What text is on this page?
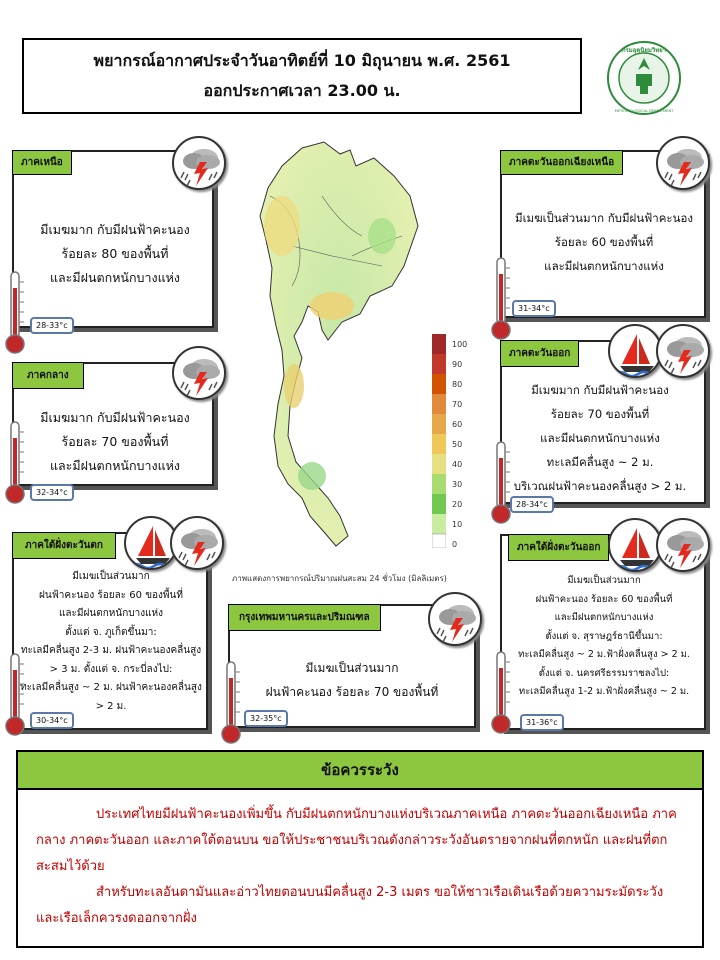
พยากรณ์อากาศประจำวันอาทิตย์ที่ 10 มิถุนายน พ.ศ. 2561
ออกประกาศเวลา 23.00 น.
กรมอุตุนิยมวิทยา
METEOROLOGICAL DEPARTMENT
ภาคเหนือ
มีเมฆมาก กับมีฝนฟ้าคะนอง
ร้อยละ 80 ของพื้นที่
และมีฝนตกหนักบางแห่ง
28-33°c
ภาคกลาง
มีเมฆมาก กับมีฝนฟ้าคะนอง
ร้อยละ 70 ของพื้นที่
และมีฝนตกหนักบางแห่ง
32-34°c
ภาคใต้ฝั่งตะวันตก
มีเมฆเป็นส่วนมาก
ฝนฟ้าคะนอง ร้อยละ 60 ของพื้นที่
และมีฝนตกหนักบางแห่ง
ตั้งแต่ จ. ภูเก็ตขึ้นมา:
ทะเลมีคลื่นสูง 2-3 ม. ฝนฟ้าคะนองคลื่นสูง
> 3 ม. ตั้งแต่ จ. กระบี่ลงไป:
ทะเลมีคลื่นสูง ~ 2 ม. ฝนฟ้าคะนองคลื่นสูง
> 2 ม.
30-34°c
ภาคตะวันออกเฉียงเหนือ
มีเมฆเป็นส่วนมาก กับมีฝนฟ้าคะนอง
ร้อยละ 60 ของพื้นที่
และมีฝนตกหนักบางแห่ง
31-34°c
ภาคตะวันออก
มีเมฆมาก กับมีฝนฟ้าคะนอง
ร้อยละ 70 ของพื้นที่
และมีฝนตกหนักบางแห่ง
ทะเลมีคลื่นสูง ~ 2 ม.
บริเวณฝนฟ้าคะนองคลื่นสูง > 2 ม.
28-34°c
ภาคใต้ฝั่งตะวันออก
มีเมฆเป็นส่วนมาก
ฝนฟ้าคะนอง ร้อยละ 60 ของพื้นที่
และมีฝนตกหนักบางแห่ง
ตั้งแต่ จ. สุราษฎร์ธานีขึ้นมา:
ทะเลมีคลื่นสูง ~ 2 ม.ฟ้าฝั่งคลื่นสูง > 2 ม.
ตั้งแต่ จ. นครศรีธรรมราชลงไป:
ทะเลมีคลื่นสูง 1-2 ม.ฟ้าฝั่งคลื่นสูง ~ 2 ม.
31-36°c
กรุงเทพมหานครและปริมณฑล
มีเมฆเป็นส่วนมาก
ฝนฟ้าคะนอง ร้อยละ 70 ของพื้นที่
32-35°c
100
90
80
70
60
50
40
30
20
10
0
ภาพแสดงการพยากรณ์ปริมาณฝนสะสม 24 ชั่วโมง (มิลลิเมตร)
ข้อควรระวัง

ประเทศไทยมีฝนฟ้าคะนองเพิ่มขึ้น กับมีฝนตกหนักบางแห่งบริเวณภาคเหนือ ภาคตะวันออกเฉียงเหนือ ภาคกลาง ภาคตะวันออก และภาคใต้ตอนบน ขอให้ประชาชนบริเวณดังกล่าวระวังอันตรายจากฝนที่ตกหนัก และฝนที่ตกสะสมไว้ด้วย

สำหรับทะเลอันดามันและอ่าวไทยตอนบนมีคลื่นสูง 2-3 เมตร ขอให้ชาวเรือเดินเรือด้วยความระมัดระวังและเรือเล็กควรงดออกจากฝั่ง
